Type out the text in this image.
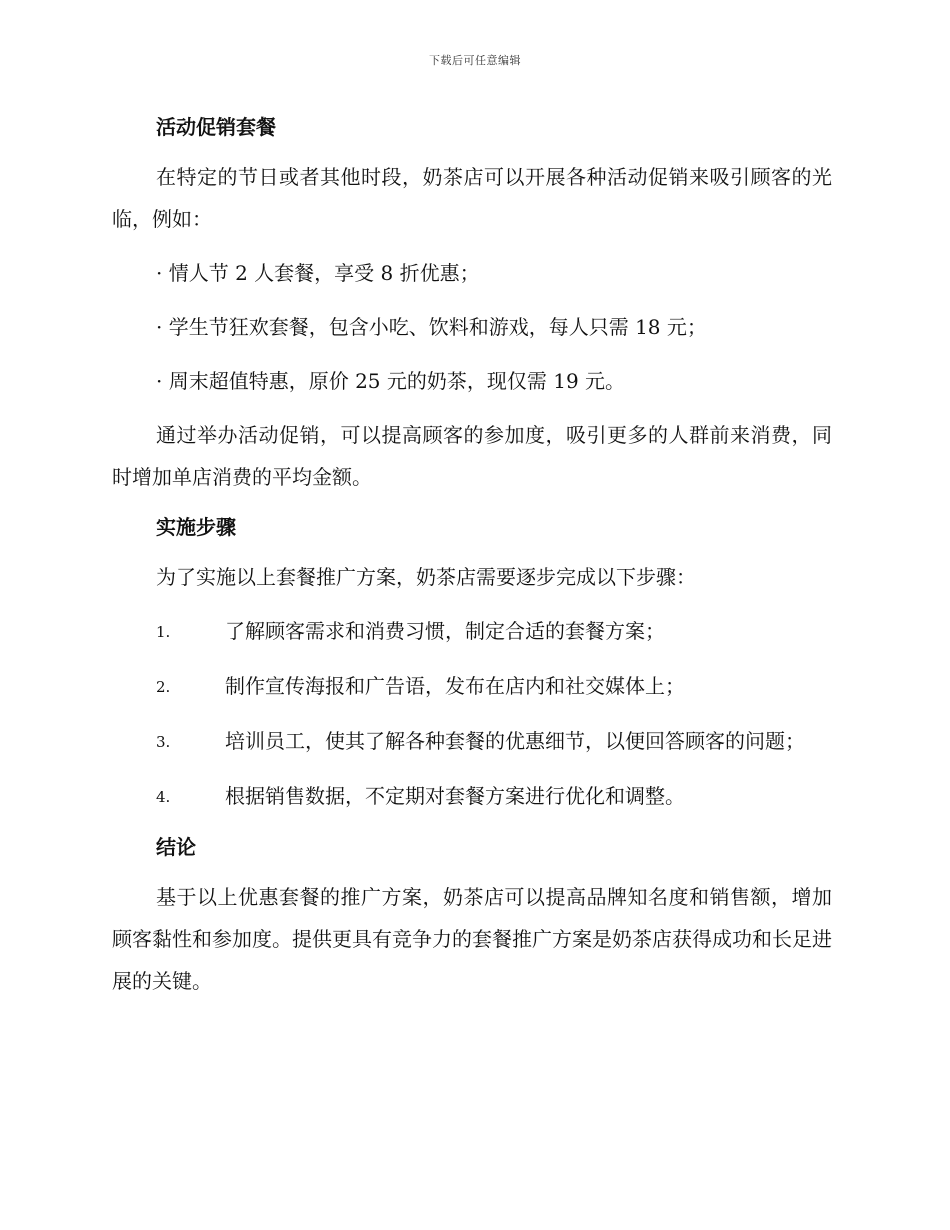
下载后可任意编辑
活动促销套餐

在特定的节日或者其他时段，奶茶店可以开展各种活动促销来吸引顾客的光临，例如：

· 情人节 2 人套餐，享受 8 折优惠；

· 学生节狂欢套餐，包含小吃、饮料和游戏，每人只需 18 元；

· 周末超值特惠，原价 25 元的奶茶，现仅需 19 元。

通过举办活动促销，可以提高顾客的参加度，吸引更多的人群前来消费，同时增加单店消费的平均金额。

实施步骤

为了实施以上套餐推广方案，奶茶店需要逐步完成以下步骤：

1.	了解顾客需求和消费习惯，制定合适的套餐方案；

2.	制作宣传海报和广告语，发布在店内和社交媒体上；

3.	培训员工，使其了解各种套餐的优惠细节，以便回答顾客的问题；

4.	根据销售数据，不定期对套餐方案进行优化和调整。

结论

基于以上优惠套餐的推广方案，奶茶店可以提高品牌知名度和销售额，增加顾客黏性和参加度。提供更具有竞争力的套餐推广方案是奶茶店获得成功和长足进展的关键。
